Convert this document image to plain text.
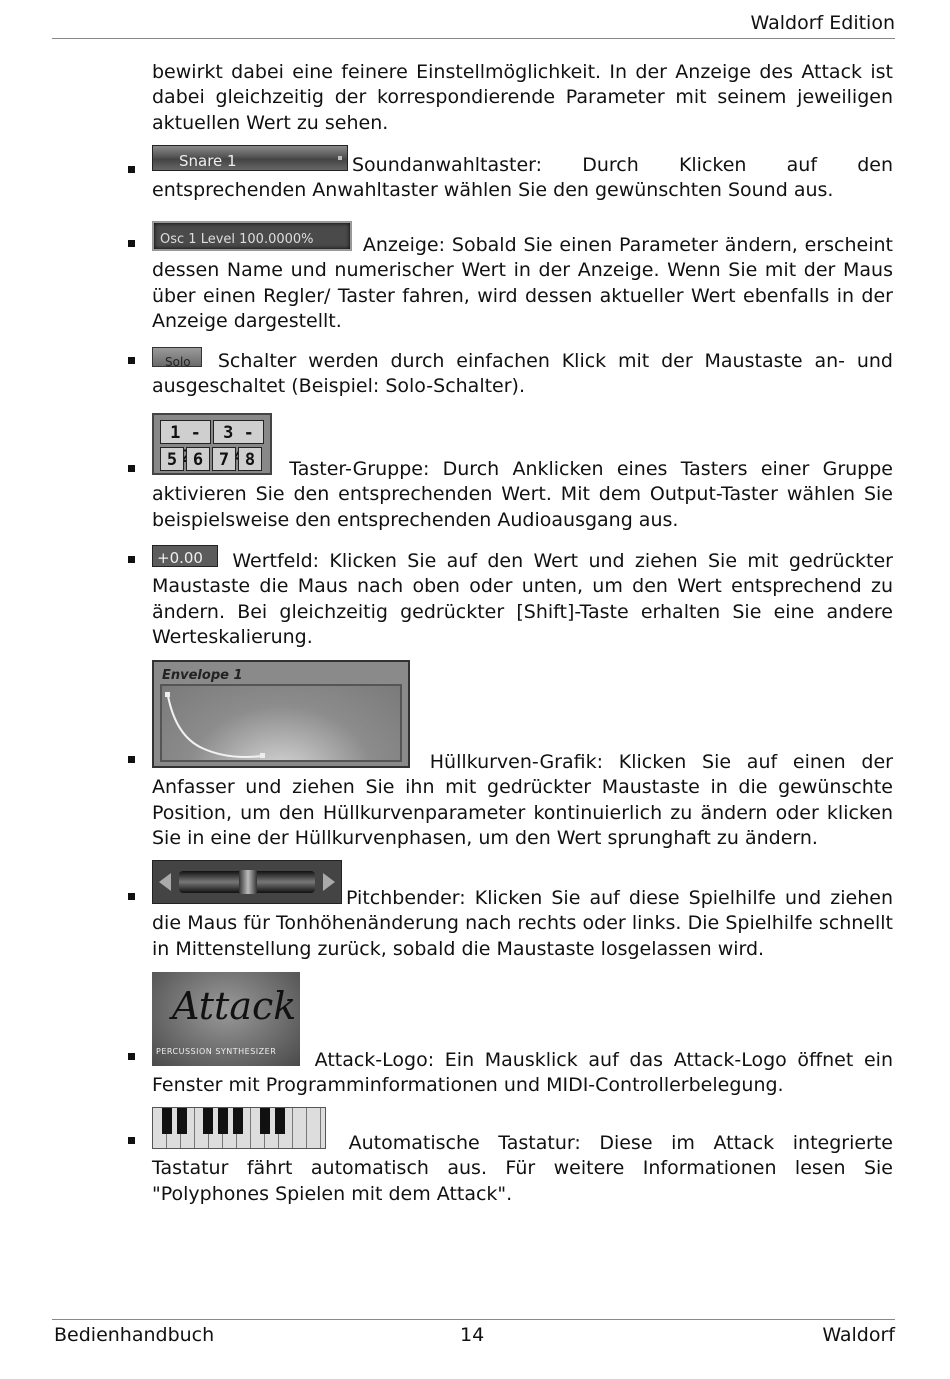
Waldorf Edition

bewirkt dabei eine feinere Einstellmöglichkeit. In der Anzeige des Attack ist dabei gleichzeitig der korrespondierende Parameter mit seinem jeweiligen aktuellen Wert zu sehen.

Snare 1	Soundanwahltaster: Durch Klicken auf den entsprechenden Anwahltaster wählen Sie den gewünschten Sound aus.
Osc 1 Level 100.0000%	Anzeige: Sobald Sie einen Parameter ändern, erscheint dessen Name und numerischer Wert in der Anzeige. Wenn Sie mit der Maus über einen Regler/ Taster fahren, wird dessen aktueller Wert ebenfalls in der Anzeige dargestellt.
Solo Schalter werden durch einfachen Klick mit der Maustaste an- und ausgeschaltet (Beispiel: Solo-Schalter).
1 -	3 -
5 6 7 8	Taster-Gruppe: Durch Anklicken eines Tasters einer Gruppe aktivieren Sie den entsprechenden Wert. Mit dem Output-Taster wählen Sie beispielsweise den entsprechenden Audioausgang aus.
+0.00 Wertfeld: Klicken Sie auf den Wert und ziehen Sie mit gedrückter Maustaste die Maus nach oben oder unten, um den Wert entsprechend zu ändern. Bei gleichzeitig gedrückter [Shift]-Taste erhalten Sie eine andere Werteskalierung.
Envelope 1
Hüllkurven-Grafik: Klicken Sie auf einen der Anfasser und ziehen Sie ihn mit gedrückter Maustaste in die gewünschte Position, um den Hüllkurvenparameter kontinuierlich zu ändern oder klicken Sie in eine der Hüllkurvenphasen, um den Wert sprunghaft zu ändern.
Pitchbender: Klicken Sie auf diese Spielhilfe und ziehen die Maus für Tonhöhenänderung nach rechts oder links. Die Spielhilfe schnellt in Mittenstellung zurück, sobald die Maustaste losgelassen wird.
Attack
PERCUSSION SYNTHESIZER Attack-Logo: Ein Mausklick auf das Attack-Logo öffnet ein Fenster mit Programminformationen und MIDI-Controllerbelegung.
Automatische Tastatur: Diese im Attack integrierte Tastatur fährt automatisch aus. Für weitere Informationen lesen Sie "Polyphones Spielen mit dem Attack".
Bedienhandbuch	14	Waldorf
